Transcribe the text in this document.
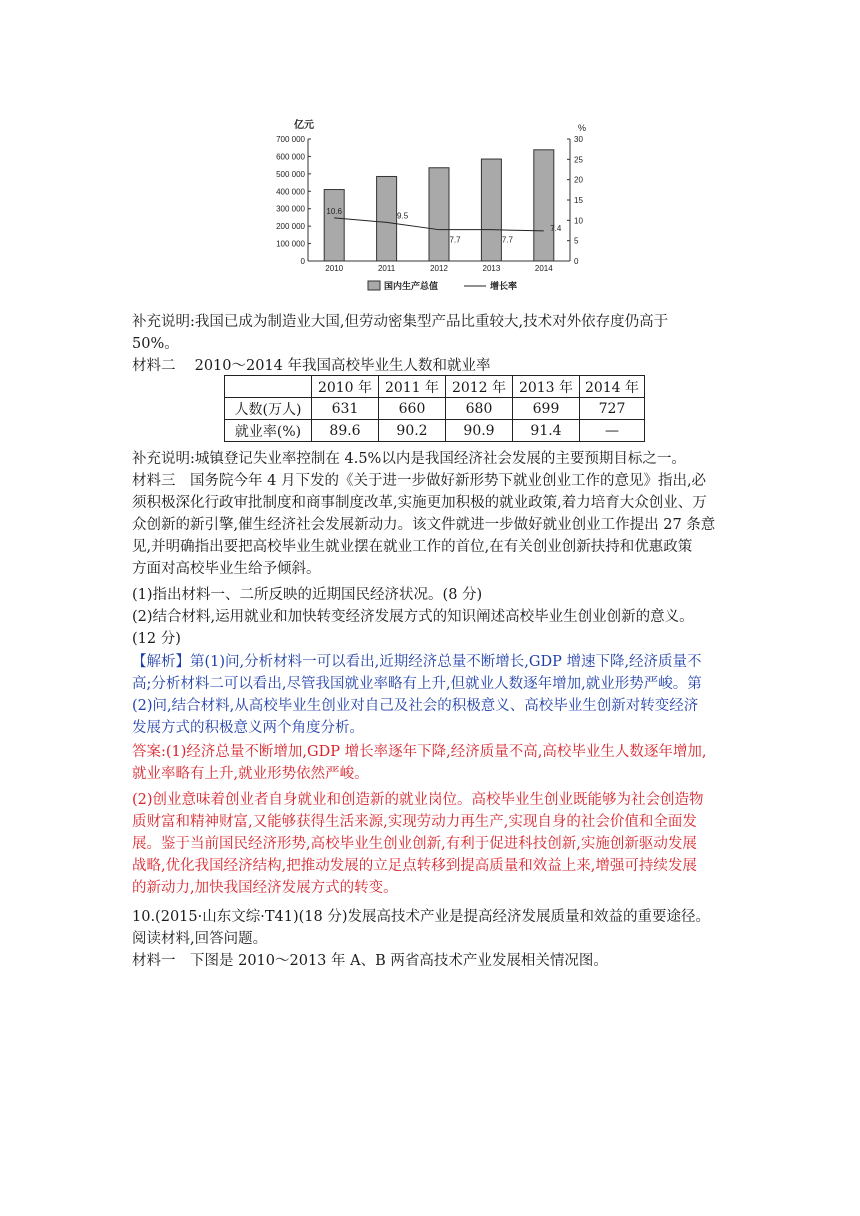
亿元	%
700 000
600 000
500 000
400 000
300 000
200 000
100 000
0
30
25
20
15
10
5
0
2010	2011	2012	2013	2014
10.6	9.5
7.7	7.7
7.4
国内生产总值	增长率
补充说明:我国已成为制造业大国,但劳动密集型产品比重较大,技术对外依存度仍高于
50%。
材料二　 2010～2014 年我国高校毕业生人数和就业率
	2010 年	2011 年	2012 年	2013 年	2014 年
人数(万人)	631	660	680	699	727
就业率(%)	89.6	90.2	90.9	91.4	—
补充说明:城镇登记失业率控制在 4.5%以内是我国经济社会发展的主要预期目标之一。
材料三　国务院今年 4 月下发的《关于进一步做好新形势下就业创业工作的意见》指出,必
须积极深化行政审批制度和商事制度改革,实施更加积极的就业政策,着力培育大众创业、万
众创新的新引擎,催生经济社会发展新动力。该文件就进一步做好就业创业工作提出 27 条意
见,并明确指出要把高校毕业生就业摆在就业工作的首位,在有关创业创新扶持和优惠政策
方面对高校毕业生给予倾斜。
(1)指出材料一、二所反映的近期国民经济状况。(8 分)
(2)结合材料,运用就业和加快转变经济发展方式的知识阐述高校毕业生创业创新的意义。
(12 分)
【解析】第(1)问,分析材料一可以看出,近期经济总量不断增长,GDP 增速下降,经济质量不
高;分析材料二可以看出,尽管我国就业率略有上升,但就业人数逐年增加,就业形势严峻。第
(2)问,结合材料,从高校毕业生创业对自己及社会的积极意义、高校毕业生创新对转变经济
发展方式的积极意义两个角度分析。
答案:(1)经济总量不断增加,GDP 增长率逐年下降,经济质量不高,高校毕业生人数逐年增加,
就业率略有上升,就业形势依然严峻。
(2)创业意味着创业者自身就业和创造新的就业岗位。高校毕业生创业既能够为社会创造物
质财富和精神财富,又能够获得生活来源,实现劳动力再生产,实现自身的社会价值和全面发
展。鉴于当前国民经济形势,高校毕业生创业创新,有利于促进科技创新,实施创新驱动发展
战略,优化我国经济结构,把推动发展的立足点转移到提高质量和效益上来,增强可持续发展
的新动力,加快我国经济发展方式的转变。
10.(2015·山东文综·T41)(18 分)发展高技术产业是提高经济发展质量和效益的重要途径。
阅读材料,回答问题。
材料一　下图是 2010～2013 年 A、B 两省高技术产业发展相关情况图。
